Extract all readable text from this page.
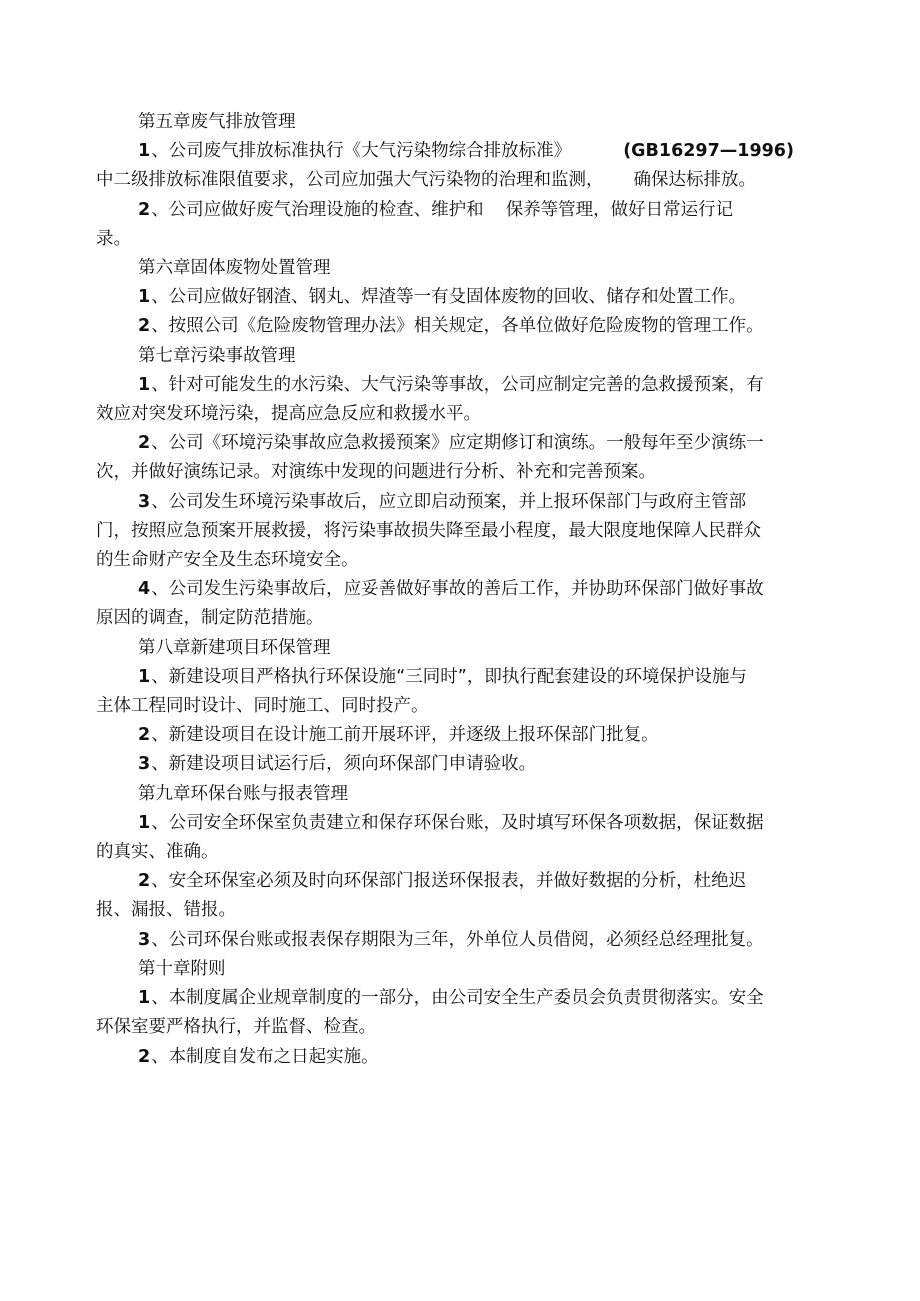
第五章废气排放管理

1、公司废气排放标准执行《大气污染物综合排放标准》	(GB16297—1996)

中二级排放标准限值要求，公司应加强大气污染物的治理和监测， 确保达标排放。

2、公司应做好废气治理设施的检查、维护和 保养等管理，做好日常运行记

录。

第六章固体废物处置管理

1、公司应做好钢渣、钢丸、焊渣等一有殳固体废物的回收、储存和处置工作。

2、按照公司《危险废物管理办法》相关规定，各单位做好危险废物的管理工作。

第七章污染事故管理

1、针对可能发生的水污染、大气污染等事故，公司应制定完善的急救援预案，有

效应对突发环境污染，提高应急反应和救援水平。

2、公司《环境污染事故应急救援预案》应定期修订和演练。一般每年至少演练一

次，并做好演练记录。对演练中发现的问题进行分析、补充和完善预案。

3、公司发生环境污染事故后，应立即启动预案，并上报环保部门与政府主管部

门，按照应急预案开展救援，将污染事故损失降至最小程度，最大限度地保障人民群众

的生命财产安全及生态环境安全。

4、公司发生污染事故后，应妥善做好事故的善后工作，并协助环保部门做好事故

原因的调查，制定防范措施。

第八章新建项目环保管理

1、新建设项目严格执行环保设施“三同时”，即执行配套建设的环境保护设施与

主体工程同时设计、同时施工、同时投产。

2、新建设项目在设计施工前开展环评，并逐级上报环保部门批复。

3、新建设项目试运行后，须向环保部门申请验收。

第九章环保台账与报表管理

1、公司安全环保室负责建立和保存环保台账，及时填写环保各项数据，保证数据

的真实、准确。

2、安全环保室必须及时向环保部门报送环保报表，并做好数据的分析，杜绝迟

报、漏报、错报。

3、公司环保台账或报表保存期限为三年，外单位人员借阅，必须经总经理批复。

第十章附则

1、本制度属企业规章制度的一部分，由公司安全生产委员会负责贯彻落实。安全

环保室要严格执行，并监督、检查。

2、本制度自发布之日起实施。
